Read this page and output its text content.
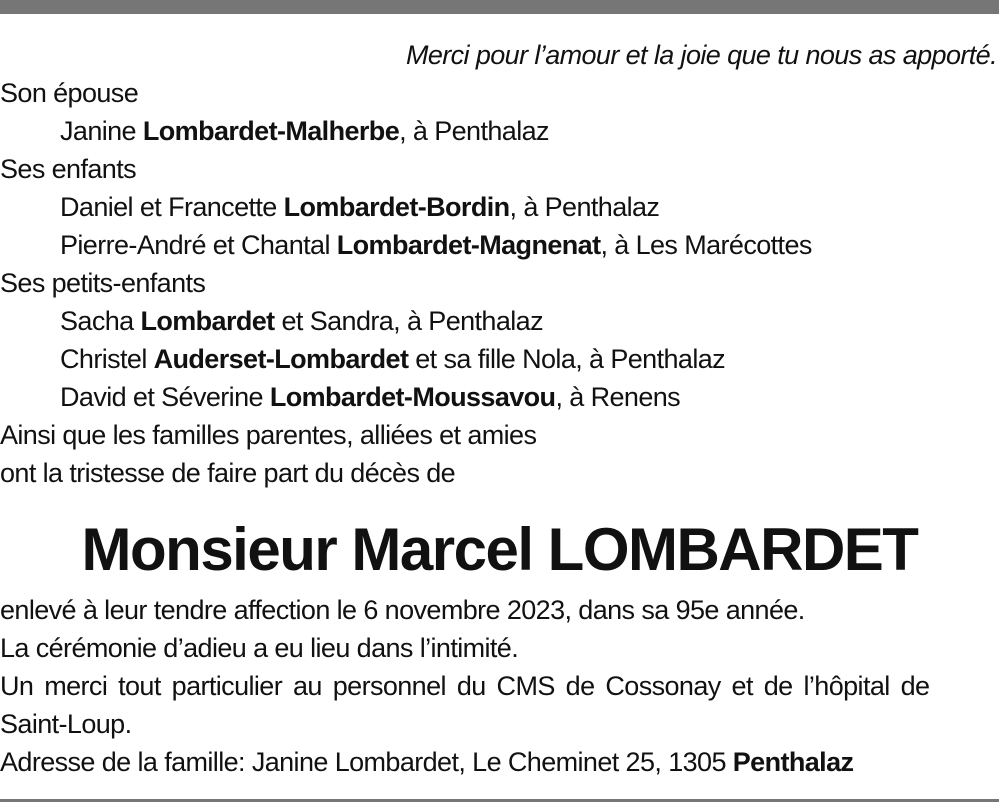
Merci pour l’amour et la joie que tu nous as apporté.
Son épouse
Janine Lombardet-Malherbe, à Penthalaz
Ses enfants
Daniel et Francette Lombardet-Bordin, à Penthalaz
Pierre-André et Chantal Lombardet-Magnenat, à Les Marécottes
Ses petits-enfants
Sacha Lombardet et Sandra, à Penthalaz
Christel Auderset-Lombardet et sa fille Nola, à Penthalaz
David et Séverine Lombardet-Moussavou, à Renens
Ainsi que les familles parentes, alliées et amies
ont la tristesse de faire part du décès de
Monsieur Marcel LOMBARDET
enlevé à leur tendre affection le 6 novembre 2023, dans sa 95e année.
La cérémonie d’adieu a eu lieu dans l’intimité.
Un merci tout particulier au personnel du CMS de Cossonay et de l’hôpital de Saint-Loup.
Adresse de la famille: Janine Lombardet, Le Cheminet 25, 1305 Penthalaz
